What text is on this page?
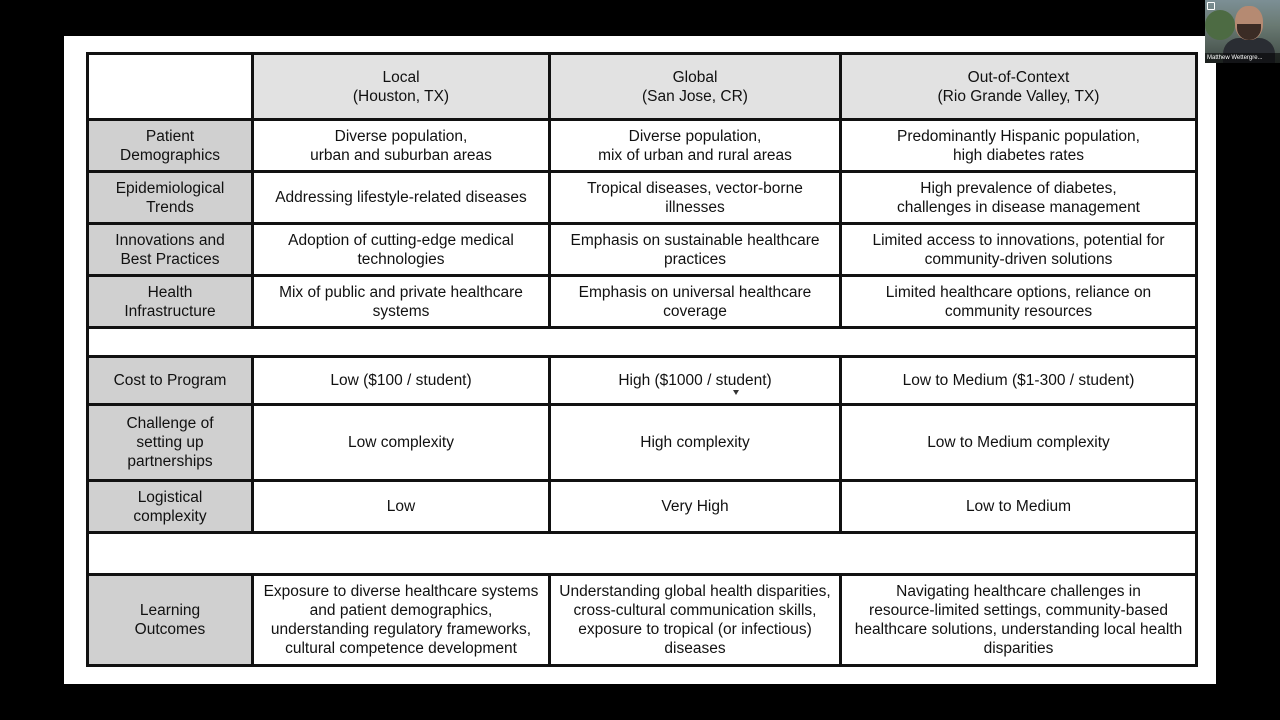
	Local
(Houston, TX)	Global
(San Jose, CR)	Out-of-Context
(Rio Grande Valley, TX)

Patient
Demographics	Diverse population,
urban and suburban areas	Diverse population,
mix of urban and rural areas	Predominantly Hispanic population,
high diabetes rates

Epidemiological
Trends	Addressing lifestyle-related diseases	Tropical diseases, vector-borne
illnesses	High prevalence of diabetes,
challenges in disease management

Innovations and
Best Practices	Adoption of cutting-edge medical
technologies	Emphasis on sustainable healthcare
practices	Limited access to innovations, potential for
community-driven solutions

Health
Infrastructure	Mix of public and private healthcare
systems	Emphasis on universal healthcare
coverage	Limited healthcare options, reliance on
community resources

Cost to Program	Low ($100 / student)	High ($1000 / student)	Low to Medium ($1-300 / student)

Challenge of
setting up
partnerships	Low complexity	High complexity	Low to Medium complexity

Logistical
complexity	Low	Very High	Low to Medium

Learning
Outcomes	Exposure to diverse healthcare systems
and patient demographics,
understanding regulatory frameworks,
cultural competence development	Understanding global health disparities,
cross-cultural communication skills,
exposure to tropical (or infectious)
diseases	Navigating healthcare challenges in
resource-limited settings, community-based
healthcare solutions, understanding local health
disparities
Matthew Wettergre...
